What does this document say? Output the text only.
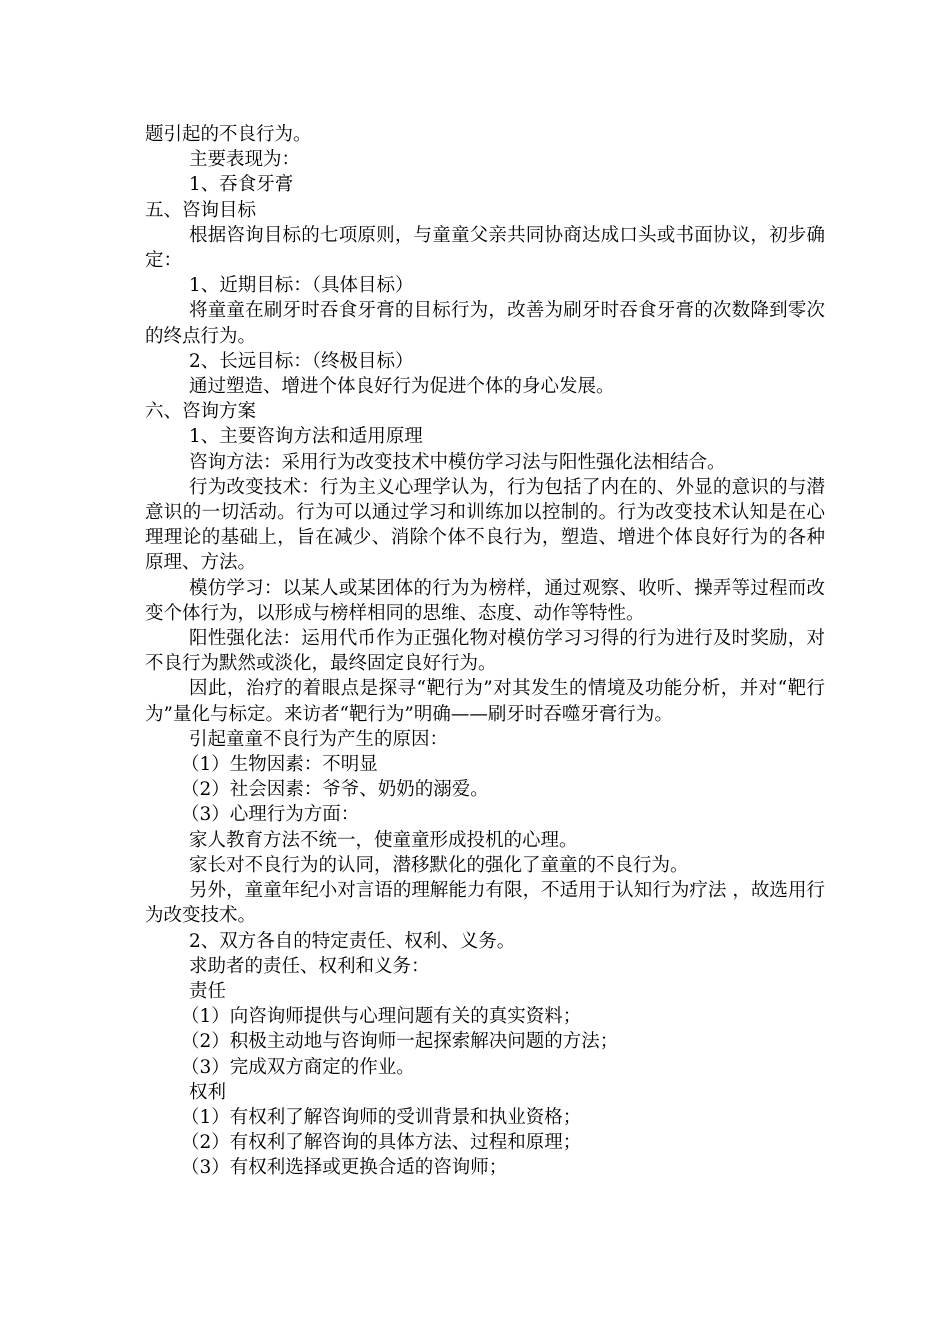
题引起的不良行为。

主要表现为：

1、吞食牙膏

五、咨询目标

根据咨询目标的七项原则，与童童父亲共同协商达成口头或书面协议，初步确定：

1、近期目标：（具体目标）

将童童在刷牙时吞食牙膏的目标行为，改善为刷牙时吞食牙膏的次数降到零次的终点行为。

2、长远目标：（终极目标）

通过塑造、增进个体良好行为促进个体的身心发展。

六、咨询方案

1、主要咨询方法和适用原理

咨询方法：采用行为改变技术中模仿学习法与阳性强化法相结合。

行为改变技术：行为主义心理学认为，行为包括了内在的、外显的意识的与潜意识的一切活动。行为可以通过学习和训练加以控制的。行为改变技术认知是在心理理论的基础上，旨在减少、消除个体不良行为，塑造、增进个体良好行为的各种原理、方法。

模仿学习：以某人或某团体的行为为榜样，通过观察、收听、操弄等过程而改变个体行为，以形成与榜样相同的思维、态度、动作等特性。

阳性强化法：运用代币作为正强化物对模仿学习习得的行为进行及时奖励，对不良行为默然或淡化，最终固定良好行为。

因此，治疗的着眼点是探寻“靶行为”对其发生的情境及功能分析，并对“靶行为”量化与标定。来访者“靶行为”明确——刷牙时吞噬牙膏行为。

引起童童不良行为产生的原因：

（1）生物因素：不明显

（2）社会因素：爷爷、奶奶的溺爱。

（3）心理行为方面：

家人教育方法不统一，使童童形成投机的心理。

家长对不良行为的认同，潜移默化的强化了童童的不良行为。

另外，童童年纪小对言语的理解能力有限，不适用于认知行为疗法 ，故选用行为改变技术。

2、双方各自的特定责任、权利、义务。

求助者的责任、权利和义务：

责任

（1）向咨询师提供与心理问题有关的真实资料；

（2）积极主动地与咨询师一起探索解决问题的方法；

（3）完成双方商定的作业。

权利

（1）有权利了解咨询师的受训背景和执业资格；

（2）有权利了解咨询的具体方法、过程和原理；

（3）有权利选择或更换合适的咨询师；
